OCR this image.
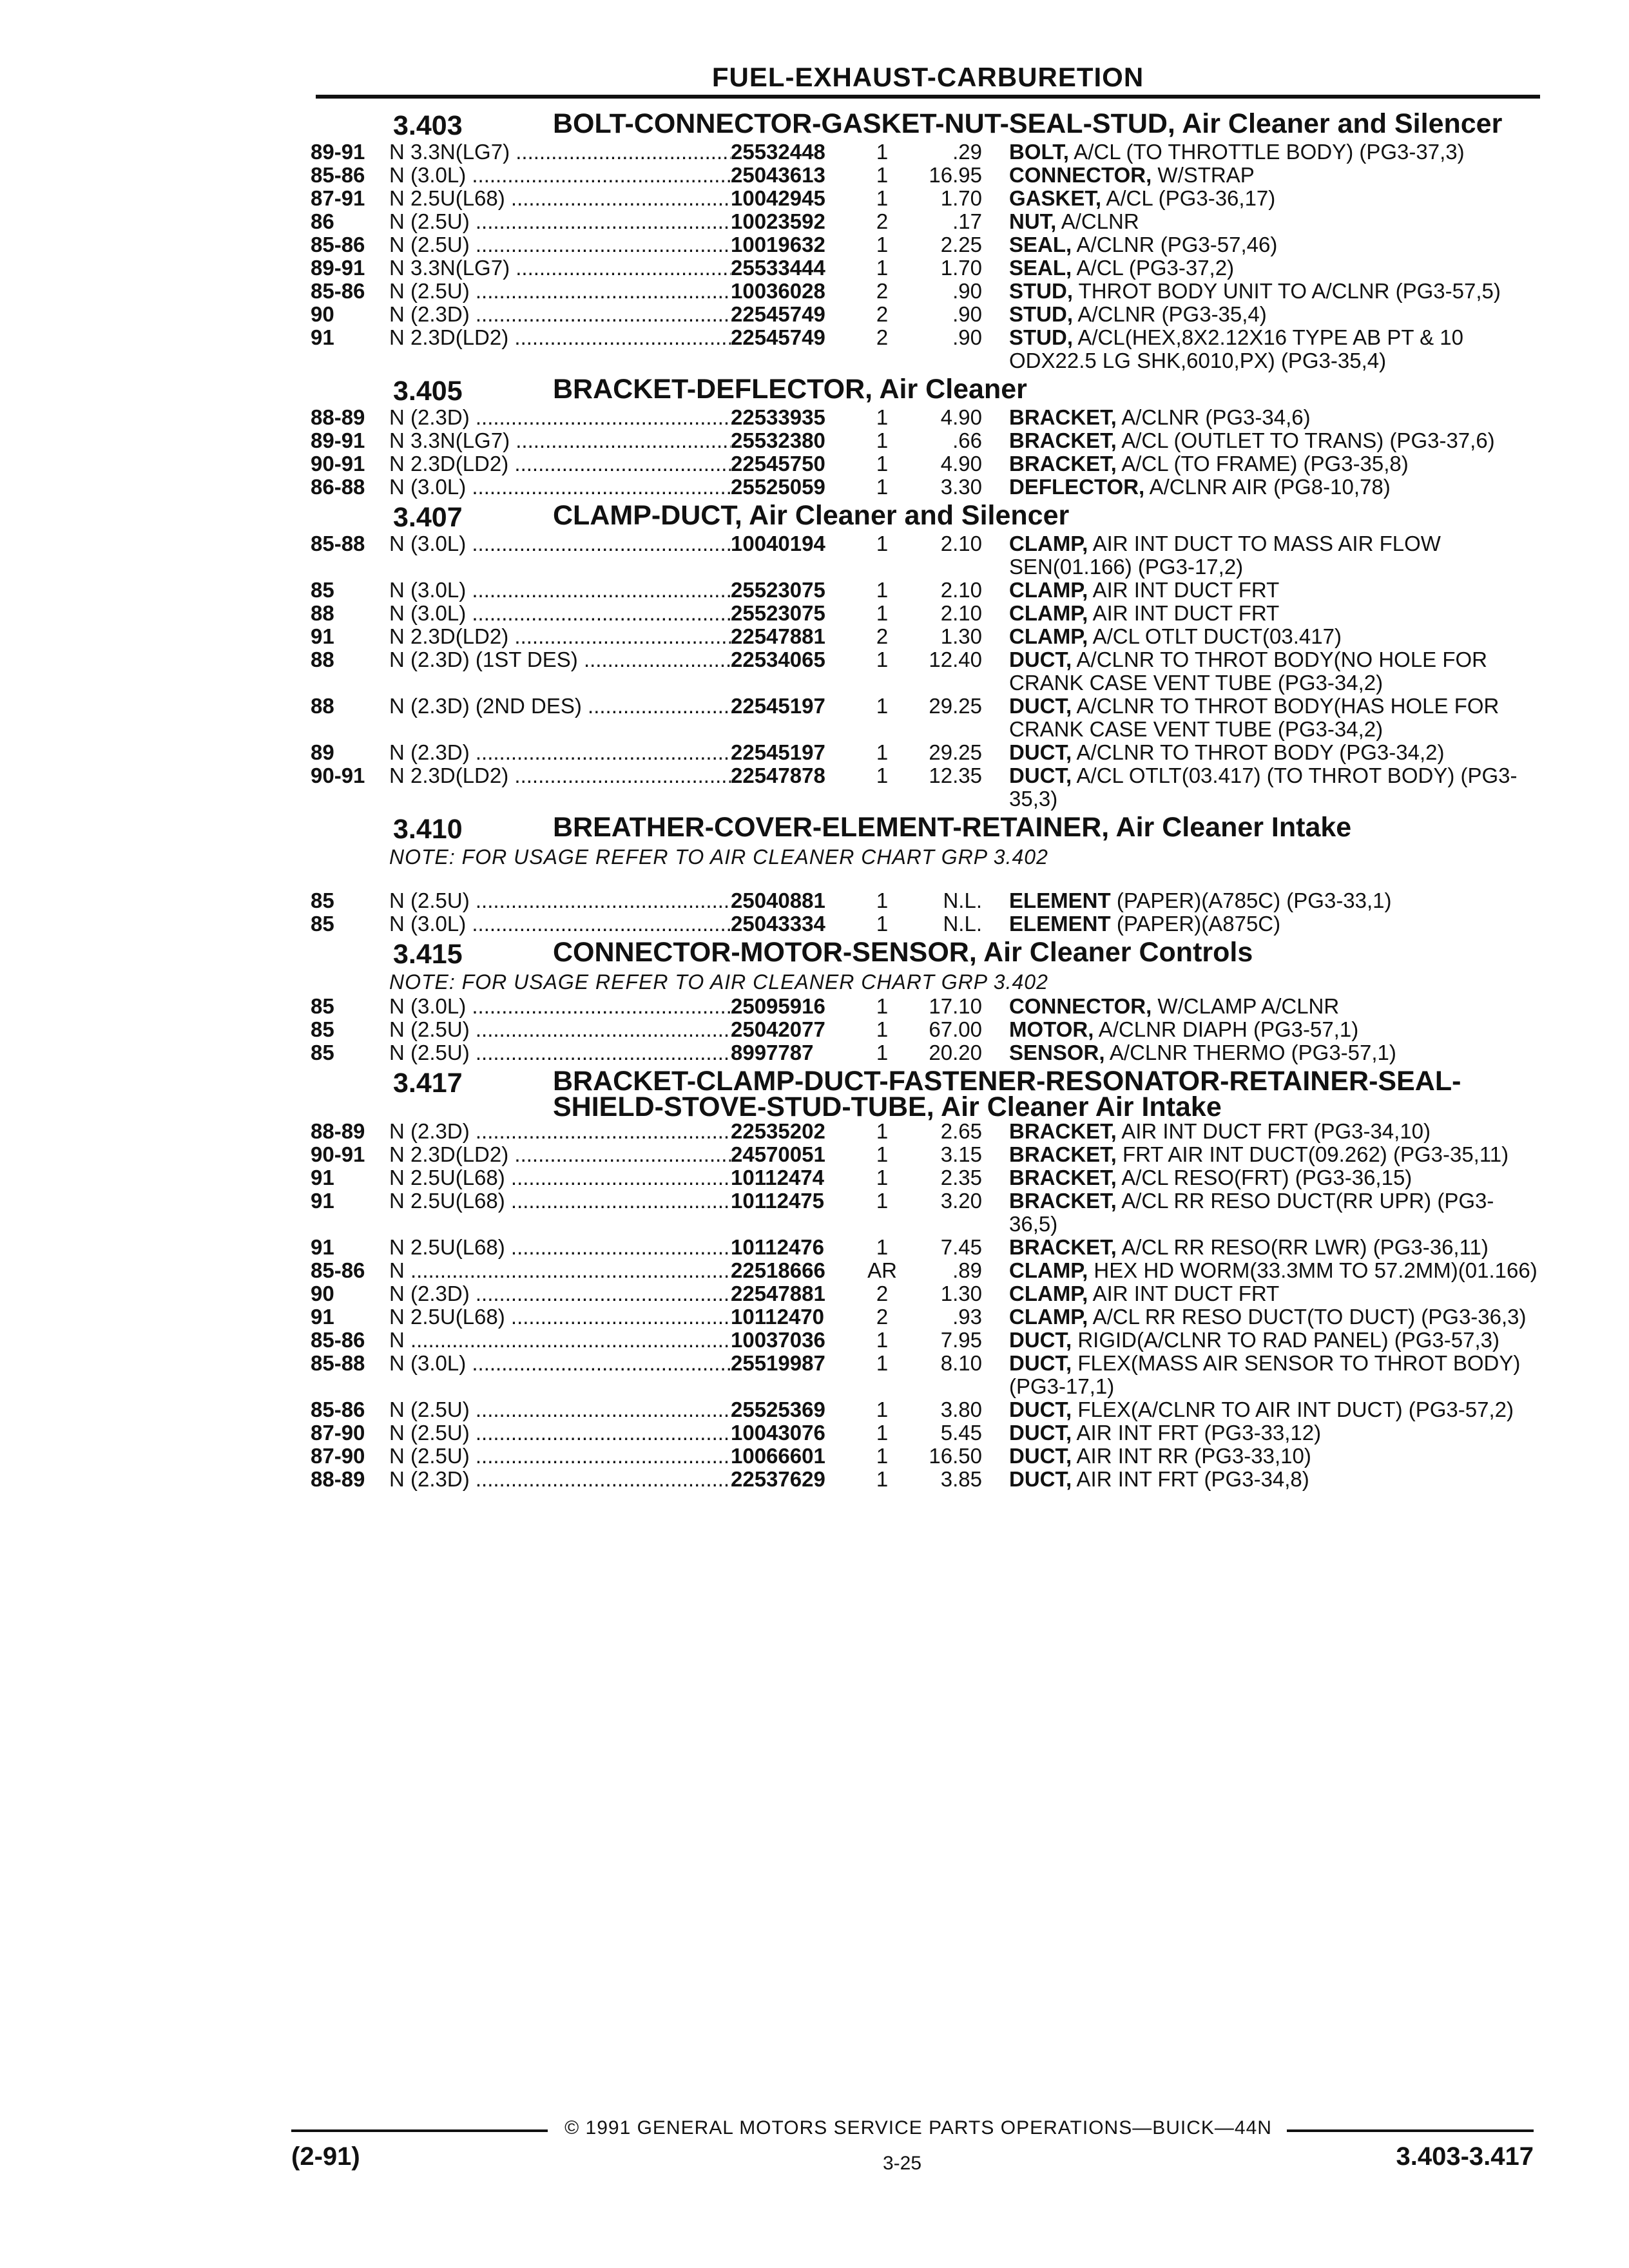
FUEL-EXHAUST-CARBURETION
3.403	BOLT-CONNECTOR-GASKET-NUT-SEAL-STUD, Air Cleaner and Silencer
89-91	N 3.3N(LG7) .....	25532448	1	.29	BOLT, A/CL (TO THROTTLE BODY) (PG3-37,3)
85-86	N (3.0L) .....	25043613	1	16.95	CONNECTOR, W/STRAP
87-91	N 2.5U(L68) .....	10042945	1	1.70	GASKET, A/CL (PG3-36,17)
86	N (2.5U) .....	10023592	2	.17	NUT, A/CLNR
85-86	N (2.5U) .....	10019632	1	2.25	SEAL, A/CLNR (PG3-57,46)
89-91	N 3.3N(LG7) .....	25533444	1	1.70	SEAL, A/CL (PG3-37,2)
85-86	N (2.5U) .....	10036028	2	.90	STUD, THROT BODY UNIT TO A/CLNR (PG3-57,5)
90	N (2.3D) .....	22545749	2	.90	STUD, A/CLNR (PG3-35,4)
91	N 2.3D(LD2) .....	22545749	2	.90	STUD, A/CL(HEX,8X2.12X16 TYPE AB PT & 10 ODX22.5 LG SHK,6010,PX) (PG3-35,4)
3.405	BRACKET-DEFLECTOR, Air Cleaner
88-89	N (2.3D) .....	22533935	1	4.90	BRACKET, A/CLNR (PG3-34,6)
89-91	N 3.3N(LG7) .....	25532380	1	.66	BRACKET, A/CL (OUTLET TO TRANS) (PG3-37,6)
90-91	N 2.3D(LD2) .....	22545750	1	4.90	BRACKET, A/CL (TO FRAME) (PG3-35,8)
86-88	N (3.0L) .....	25525059	1	3.30	DEFLECTOR, A/CLNR AIR (PG8-10,78)
3.407	CLAMP-DUCT, Air Cleaner and Silencer
85-88	N (3.0L) .....	10040194	1	2.10	CLAMP, AIR INT DUCT TO MASS AIR FLOW SEN(01.166) (PG3-17,2)
85	N (3.0L) .....	25523075	1	2.10	CLAMP, AIR INT DUCT FRT
88	N (3.0L) .....	25523075	1	2.10	CLAMP, AIR INT DUCT FRT
91	N 2.3D(LD2) .....	22547881	2	1.30	CLAMP, A/CL OTLT DUCT(03.417)
88	N (2.3D) (1ST DES) .....	22534065	1	12.40	DUCT, A/CLNR TO THROT BODY(NO HOLE FOR CRANK CASE VENT TUBE (PG3-34,2)
88	N (2.3D) (2ND DES) .....	22545197	1	29.25	DUCT, A/CLNR TO THROT BODY(HAS HOLE FOR CRANK CASE VENT TUBE (PG3-34,2)
89	N (2.3D) .....	22545197	1	29.25	DUCT, A/CLNR TO THROT BODY (PG3-34,2)
90-91	N 2.3D(LD2) .....	22547878	1	12.35	DUCT, A/CL OTLT(03.417) (TO THROT BODY) (PG3-35,3)
3.410	BREATHER-COVER-ELEMENT-RETAINER, Air Cleaner Intake
NOTE: FOR USAGE REFER TO AIR CLEANER CHART GRP 3.402
85	N (2.5U) .....	25040881	1	N.L.	ELEMENT (PAPER)(A785C) (PG3-33,1)
85	N (3.0L) .....	25043334	1	N.L.	ELEMENT (PAPER)(A875C)
3.415	CONNECTOR-MOTOR-SENSOR, Air Cleaner Controls
NOTE: FOR USAGE REFER TO AIR CLEANER CHART GRP 3.402
85	N (3.0L) .....	25095916	1	17.10	CONNECTOR, W/CLAMP A/CLNR
85	N (2.5U) .....	25042077	1	67.00	MOTOR, A/CLNR DIAPH (PG3-57,1)
85	N (2.5U) .....	8997787	1	20.20	SENSOR, A/CLNR THERMO (PG3-57,1)
3.417	BRACKET-CLAMP-DUCT-FASTENER-RESONATOR-RETAINER-SEAL-SHIELD-STOVE-STUD-TUBE, Air Cleaner Air Intake
88-89	N (2.3D) .....	22535202	1	2.65	BRACKET, AIR INT DUCT FRT (PG3-34,10)
90-91	N 2.3D(LD2) .....	24570051	1	3.15	BRACKET, FRT AIR INT DUCT(09.262) (PG3-35,11)
91	N 2.5U(L68) .....	10112474	1	2.35	BRACKET, A/CL RESO(FRT) (PG3-36,15)
91	N 2.5U(L68) .....	10112475	1	3.20	BRACKET, A/CL RR RESO DUCT(RR UPR) (PG3-36,5)
91	N 2.5U(L68) .....	10112476	1	7.45	BRACKET, A/CL RR RESO(RR LWR) (PG3-36,11)
85-86	N .....	22518666	AR	.89	CLAMP, HEX HD WORM(33.3MM TO 57.2MM)(01.166)
90	N (2.3D) .....	22547881	2	1.30	CLAMP, AIR INT DUCT FRT
91	N 2.5U(L68) .....	10112470	2	.93	CLAMP, A/CL RR RESO DUCT(TO DUCT) (PG3-36,3)
85-86	N .....	10037036	1	7.95	DUCT, RIGID(A/CLNR TO RAD PANEL) (PG3-57,3)
85-88	N (3.0L) .....	25519987	1	8.10	DUCT, FLEX(MASS AIR SENSOR TO THROT BODY) (PG3-17,1)
85-86	N (2.5U) .....	25525369	1	3.80	DUCT, FLEX(A/CLNR TO AIR INT DUCT) (PG3-57,2)
87-90	N (2.5U) .....	10043076	1	5.45	DUCT, AIR INT FRT (PG3-33,12)
87-90	N (2.5U) .....	10066601	1	16.50	DUCT, AIR INT RR (PG3-33,10)
88-89	N (2.3D) .....	22537629	1	3.85	DUCT, AIR INT FRT (PG3-34,8)
© 1991 GENERAL MOTORS SERVICE PARTS OPERATIONS—BUICK—44N
(2-91)	3-25	3.403-3.417
